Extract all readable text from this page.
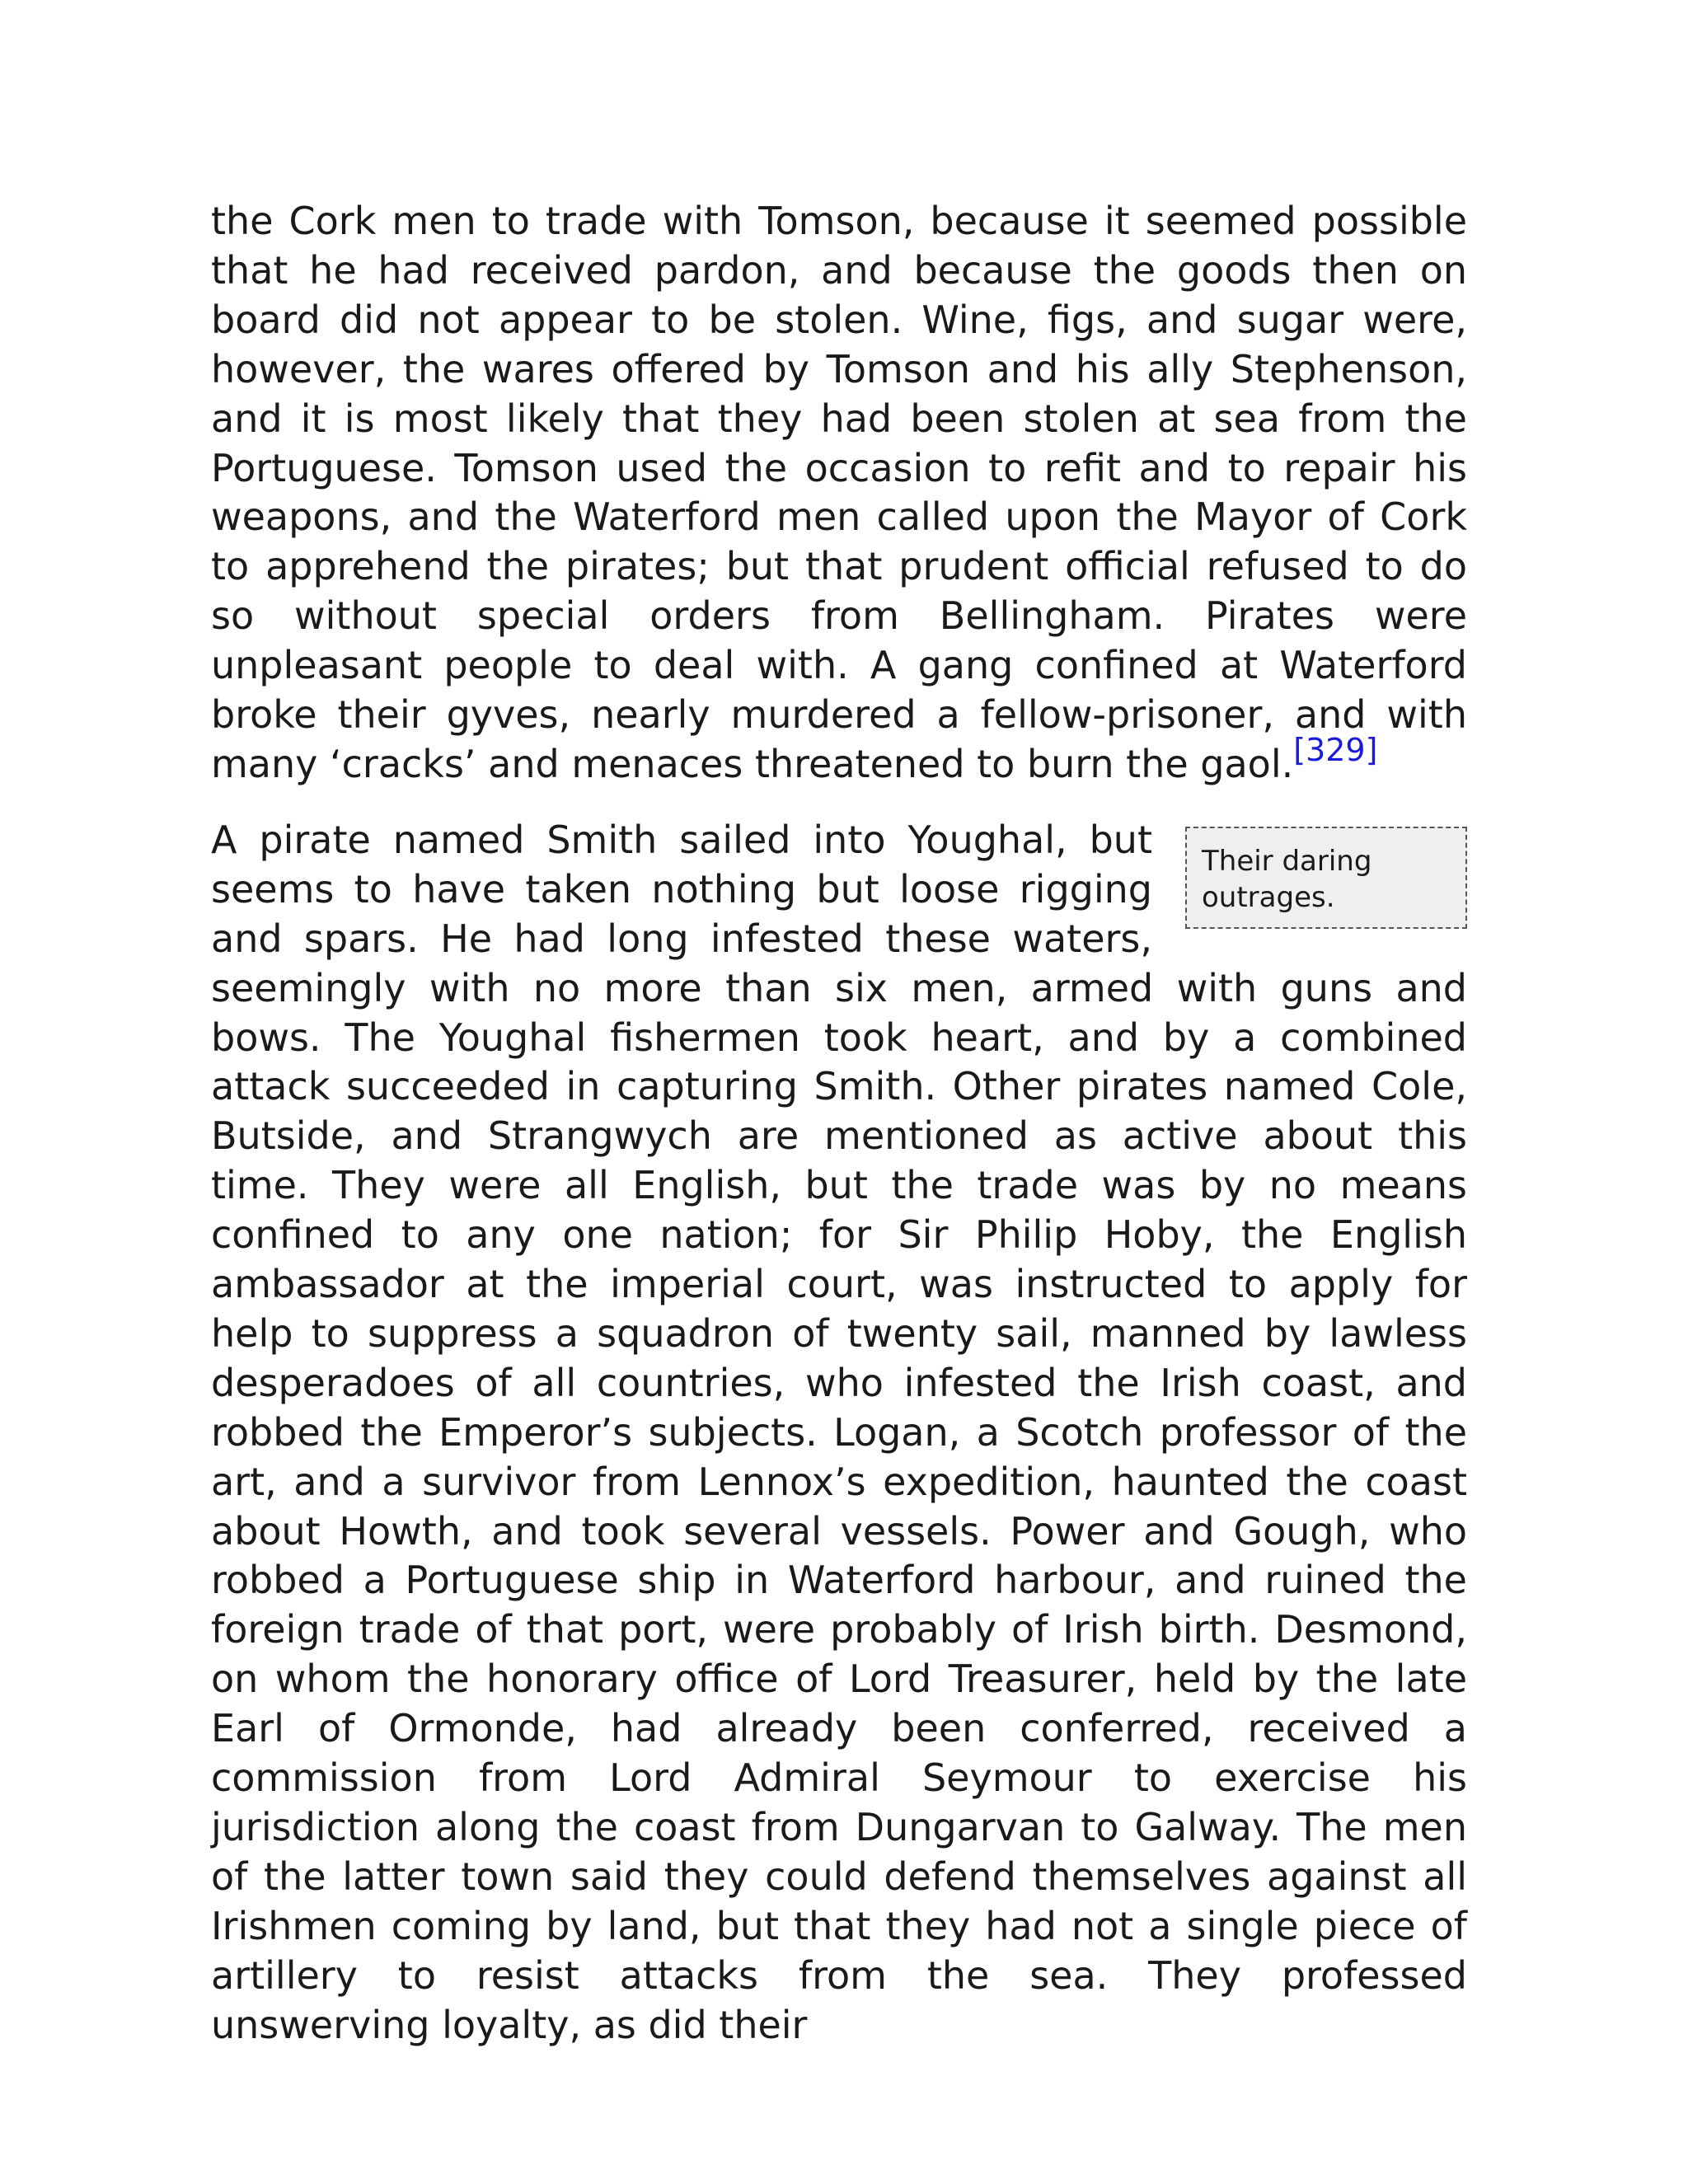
the Cork men to trade with Tomson, because it seemed possible that he had received pardon, and because the goods then on board did not appear to be stolen. Wine, figs, and sugar were, however, the wares offered by Tomson and his ally Stephenson, and it is most likely that they had been stolen at sea from the Portuguese. Tomson used the occasion to refit and to repair his weapons, and the Waterford men called upon the Mayor of Cork to apprehend the pirates; but that prudent official refused to do so without special orders from Bellingham. Pirates were unpleasant people to deal with. A gang confined at Waterford broke their gyves, nearly murdered a fellow-prisoner, and with many ‘cracks’ and menaces threatened to burn the gaol.[329]

Their daring outrages.
A pirate named Smith sailed into Youghal, but seems to have taken nothing but loose rigging and spars. He had long infested these waters, seemingly with no more than six men, armed with guns and bows. The Youghal fishermen took heart, and by a combined attack succeeded in capturing Smith. Other pirates named Cole, Butside, and Strangwych are mentioned as active about this time. They were all English, but the trade was by no means confined to any one nation; for Sir Philip Hoby, the English ambassador at the imperial court, was instructed to apply for help to suppress a squadron of twenty sail, manned by lawless desperadoes of all countries, who infested the Irish coast, and robbed the Emperor’s subjects. Logan, a Scotch professor of the art, and a survivor from Lennox’s expedition, haunted the coast about Howth, and took several vessels. Power and Gough, who robbed a Portuguese ship in Waterford harbour, and ruined the foreign trade of that port, were probably of Irish birth. Desmond, on whom the honorary office of Lord Treasurer, held by the late Earl of Ormonde, had already been conferred, received a commission from Lord Admiral Seymour to exercise his jurisdiction along the coast from Dungarvan to Galway. The men of the latter town said they could defend themselves against all Irishmen coming by land, but that they had not a single piece of artillery to resist attacks from the sea. They professed unswerving loyalty, as did their
